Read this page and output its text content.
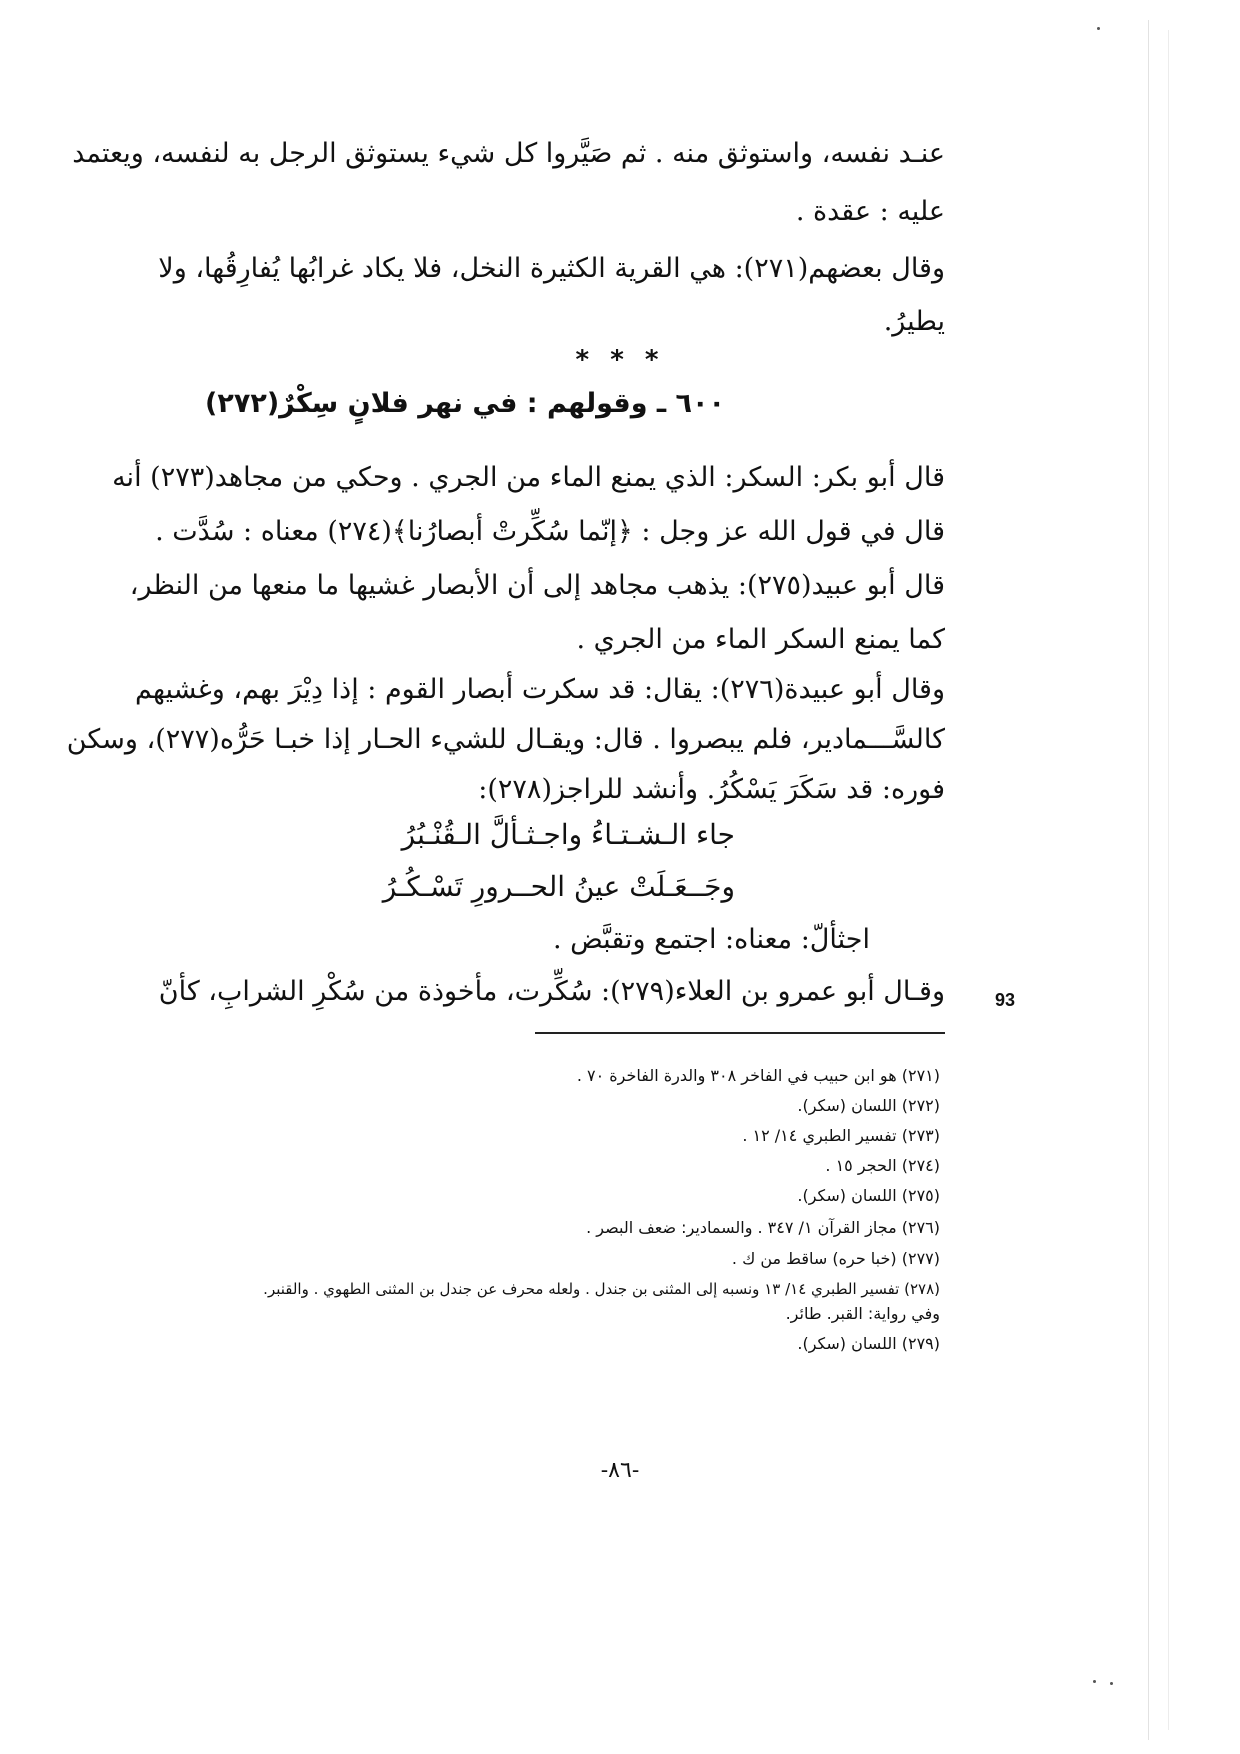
عنـد نفسه، واستوثق منه . ثم صَيَّروا كل شيء يستوثق الرجل به لنفسه، ويعتمد
عليه : عقدة .
وقال بعضهم(٢٧١): هي القرية الكثيرة النخل، فلا يكاد غرابُها يُفارِقُها، ولا
يطيرُ.
* * *
٦٠٠ ـ وقولهم : في نهر فلانٍ سِكْرٌ(٢٧٢)
قال أبو بكر: السكر: الذي يمنع الماء من الجري . وحكي من مجاهد(٢٧٣) أنه
قال في قول الله عز وجل : ﴿إنّما سُكِّرتْ أبصارُنا﴾(٢٧٤) معناه : سُدَّت .
قال أبو عبيد(٢٧٥): يذهب مجاهد إلى أن الأبصار غشيها ما منعها من النظر،
كما يمنع السكر الماء من الجري .
وقال أبو عبيدة(٢٧٦): يقال: قد سكرت أبصار القوم : إذا دِيْرَ بهم، وغشيهم
كالسَّـــمادير، فلم يبصروا . قال: ويقـال للشيء الحـار إذا خبـا حَرُّه(٢٧٧)، وسكن
فوره: قد سَكَرَ يَسْكُرُ. وأنشد للراجز(٢٧٨):
جاء الـشـتـاءُ واجـثـألَّ الـقُنْـبُرُ
وجَــعَـلَتْ عينُ الحــرورِ تَسْـكُـرُ
اجثألّ: معناه: اجتمع وتقبَّض .
وقـال أبو عمرو بن العلاء(٢٧٩): سُكِّرت، مأخوذة من سُكْرِ الشرابِ، كأنّ	93
(٢٧١) هو ابن حبيب في الفاخر ٣٠٨ والدرة الفاخرة ٧٠ .
(٢٧٢) اللسان (سكر).
(٢٧٣) تفسير الطبري ١٤/ ١٢ .
(٢٧٤) الحجر ١٥ .
(٢٧٥) اللسان (سكر).
(٢٧٦) مجاز القرآن ١/ ٣٤٧ . والسمادير: ضعف البصر .
(٢٧٧) (خبا حره) ساقط من ك .
(٢٧٨) تفسير الطبري ١٤/ ١٣ ونسبه إلى المثنى بن جندل . ولعله محرف عن جندل بن المثنى الطهوي . والقنبر.
وفي رواية: القبر. طائر.
(٢٧٩) اللسان (سكر).
-٨٦-
